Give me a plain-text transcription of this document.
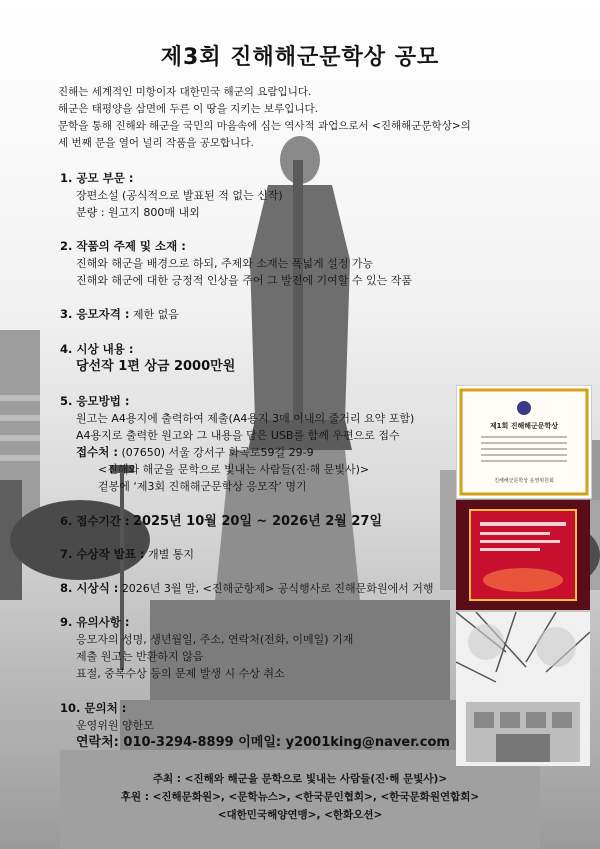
제3회 진해해군문학상 공모
진해는 세계적인 미항이자 대한민국 해군의 요람입니다.
해군은 태평양을 삼면에 두른 이 땅을 지키는 보루입니다.
문학을 통해 진해와 해군을 국민의 마음속에 심는 역사적 과업으로서 <진해해군문학상>의
세 번째 문을 열어 널리 작품을 공모합니다.
1. 공모 부문 :
장편소설 (공식적으로 발표된 적 없는 신작)
분량 : 원고지 800매 내외
2. 작품의 주제 및 소재 :
진해와 해군을 배경으로 하되, 주제와 소재는 폭넓게 설정 가능
진해와 해군에 대한 긍정적 인상을 주어 그 발전에 기여할 수 있는 작품
3. 응모자격 : 제한 없음
4. 시상 내용 :
당선작 1편 상금 2000만원
5. 응모방법 :
원고는 A4용지에 출력하여 제출(A4용지 3매 이내의 줄거리 요약 포함)
A4용지로 출력한 원고와 그 내용을 담은 USB를 함께 우편으로 접수
접수처 : (07650) 서울 강서구 화곡로59길 29-9
<진해와 해군을 문학으로 빛내는 사람들(진·해 문빛사)>
겉봉에 ‘제3회 진해해군문학상 응모작’ 명기
6. 접수기간 : 2025년 10월 20일 ~ 2026년 2월 27일
7. 수상작 발표 : 개별 통지
8. 시상식 : 2026년 3월 말, <진해군항제> 공식행사로 진해문화원에서 거행
9. 유의사항 :
응모자의 성명, 생년월일, 주소, 연락처(전화, 이메일) 기재
제출 원고는 반환하지 않음
표절, 중복수상 등의 문제 발생 시 수상 취소
10. 문의처 :
운영위원 양한모
연락처: 010-3294-8899 이메일: y2001king@naver.com
주최 : <진해와 해군을 문학으로 빛내는 사람들(진·해 문빛사)>
후원 : <진해문화원>, <문학뉴스>, <한국문인협회>, <한국문화원연합회>
<대한민국해양연맹>, <한화오션>
제1회 진해해군문학상
진해해군문학상 운영위원회
